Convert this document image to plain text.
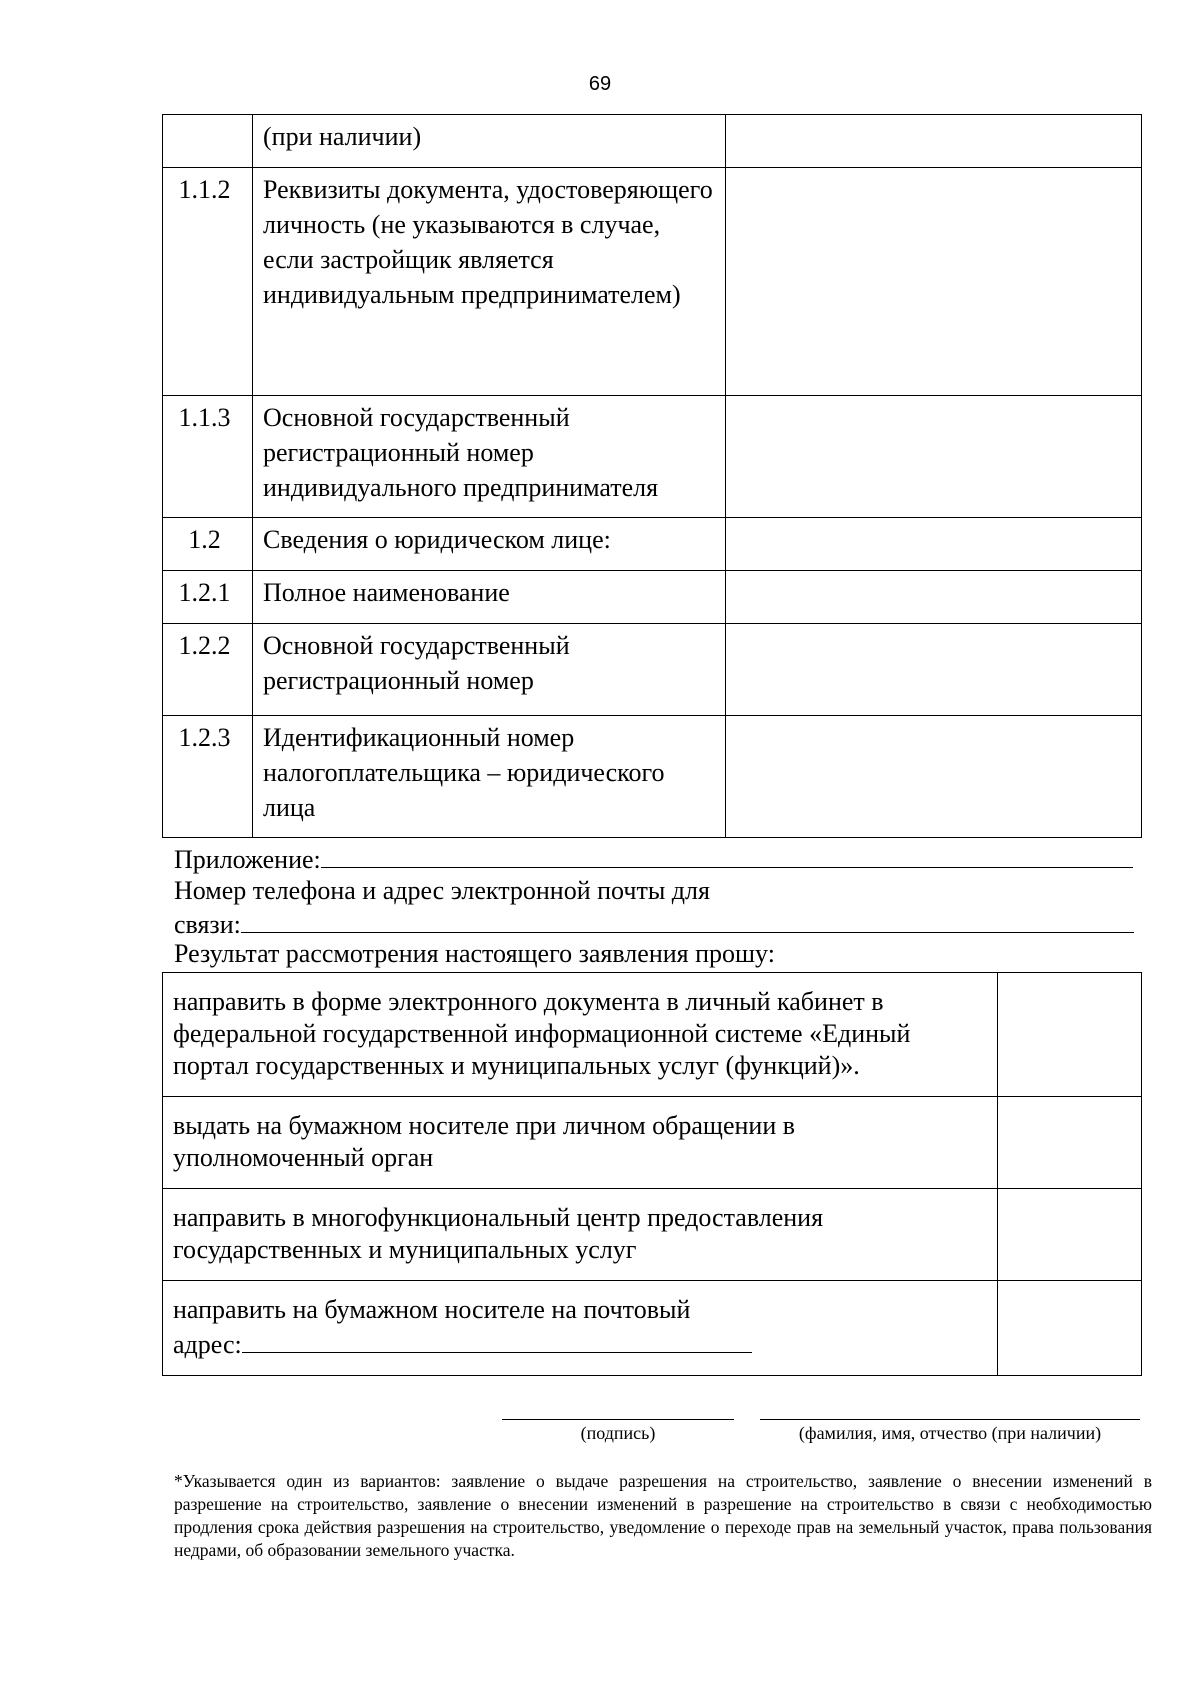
69
	(при наличии)	
1.1.2	Реквизиты документа, удостоверяющего личность (не указываются в случае, если застройщик является индивидуальным предпринимателем)	
1.1.3	Основной государственный регистрационный номер индивидуального предпринимателя	
1.2	Сведения о юридическом лице:	
1.2.1	Полное наименование	
1.2.2	Основной государственный регистрационный номер	
1.2.3	Идентификационный номер налогоплательщика – юридического лица	
Приложение:
Номер телефона и адрес электронной почты для
связи:
Результат рассмотрения настоящего заявления прошу:
направить в форме электронного документа в личный кабинет в федеральной государственной информационной системе «Единый портал государственных и муниципальных услуг (функций)».	
выдать на бумажном носителе при личном обращении в уполномоченный орган	
направить в многофункциональный центр предоставления государственных и муниципальных услуг	

направить на бумажном носителе на почтовый
адрес:	

(подпись)	(фамилия, имя, отчество (при наличии)
*Указывается один из вариантов: заявление о выдаче разрешения на строительство, заявление о внесении изменений в разрешение на строительство, заявление о внесении изменений в разрешение на строительство в связи с необходимостью продления срока действия разрешения на строительство, уведомление о переходе прав на земельный участок, права пользования недрами, об образовании земельного участка.
